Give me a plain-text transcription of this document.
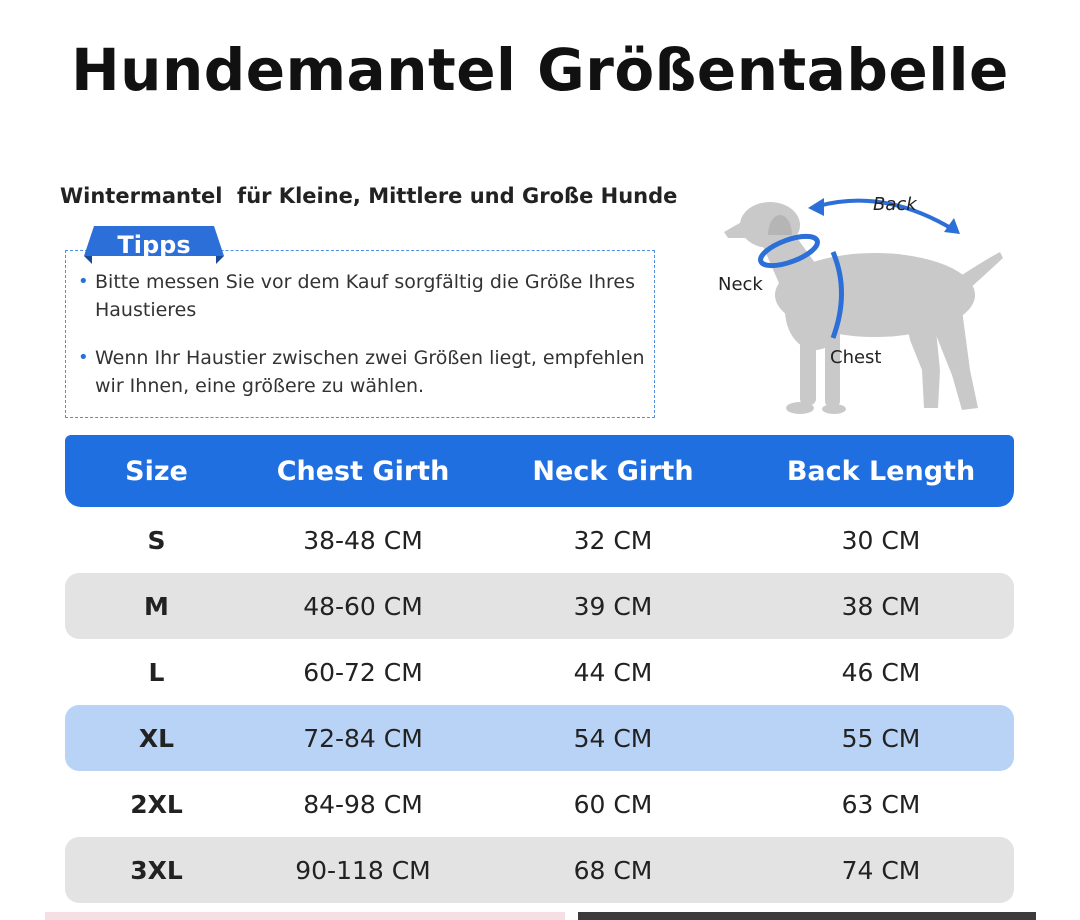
Hundemantel Größentabelle
Wintermantel  für Kleine, Mittlere und Große Hunde
Tipps
• Bitte messen Sie vor dem Kauf sorgfältig die Größe Ihres Haustieres
• Wenn Ihr Haustier zwischen zwei Größen liegt, empfehlen wir Ihnen, eine größere zu wählen.
Back
Neck
Chest
Size	Chest Girth	Neck Girth	Back Length
S	38-48 CM	32 CM	30 CM
M	48-60 CM	39 CM	38 CM
L	60-72 CM	44 CM	46 CM
XL	72-84 CM	54 CM	55 CM
2XL	84-98 CM	60 CM	63 CM
3XL	90-118 CM	68 CM	74 CM
